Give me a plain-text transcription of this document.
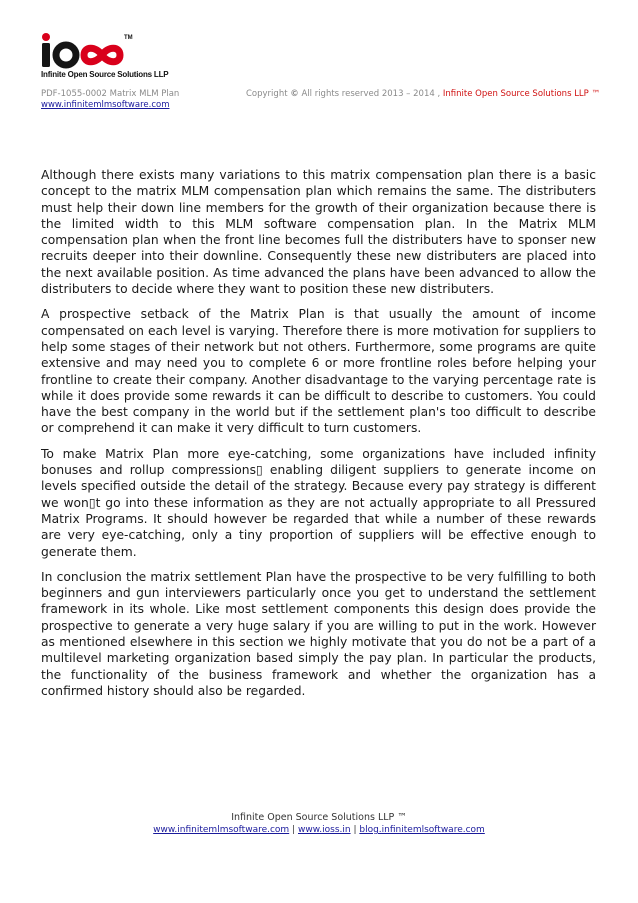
TM
Infinite Open Source Solutions LLP
PDF-1055-0002 Matrix MLM Plan
www.infinitemlmsoftware.com
Copyright © All rights reserved 2013 – 2014 , Infinite Open Source Solutions LLP ™

Although there exists many variations to this matrix compensation plan there is a basic concept to the matrix MLM compensation plan which remains the same. The distributers must help their down line members for the growth of their organization because there is the limited width to this MLM software compensation plan. In the Matrix MLM compensation plan when the front line becomes full the distributers have to sponser new recruits deeper into their downline. Consequently these new distributers are placed into the next available position. As time advanced the plans have been advanced to allow the distributers to decide where they want to position these new distributers.

A prospective setback of the Matrix Plan is that usually the amount of income compensated on each level is varying. Therefore there is more motivation for suppliers to help some stages of their network but not others. Furthermore, some programs are quite extensive and may need you to complete 6 or more frontline roles before helping your frontline to create their company. Another disadvantage to the varying percentage rate is while it does provide some rewards it can be difficult to describe to customers. You could have the best company in the world but if the settlement plan's too difficult to describe or comprehend it can make it very difficult to turn customers.

To make Matrix Plan more eye-catching, some organizations have included infinity bonuses and rollup compressions▯ enabling diligent suppliers to generate income on levels specified outside the detail of the strategy. Because every pay strategy is different we won▯t go into these information as they are not actually appropriate to all Pressured Matrix Programs. It should however be regarded that while a number of these rewards are very eye-catching, only a tiny proportion of suppliers will be effective enough to generate them.

In conclusion the matrix settlement Plan have the prospective to be very fulfilling to both beginners and gun interviewers particularly once you get to understand the settlement framework in its whole. Like most settlement components this design does provide the prospective to generate a very huge salary if you are willing to put in the work. However as mentioned elsewhere in this section we highly motivate that you do not be a part of a multilevel marketing organization based simply the pay plan. In particular the products, the functionality of the business framework and whether the organization has a confirmed history should also be regarded.

Infinite Open Source Solutions LLP ™
www.infinitemlmsoftware.com | www.ioss.in | blog.infinitemlsoftware.com
